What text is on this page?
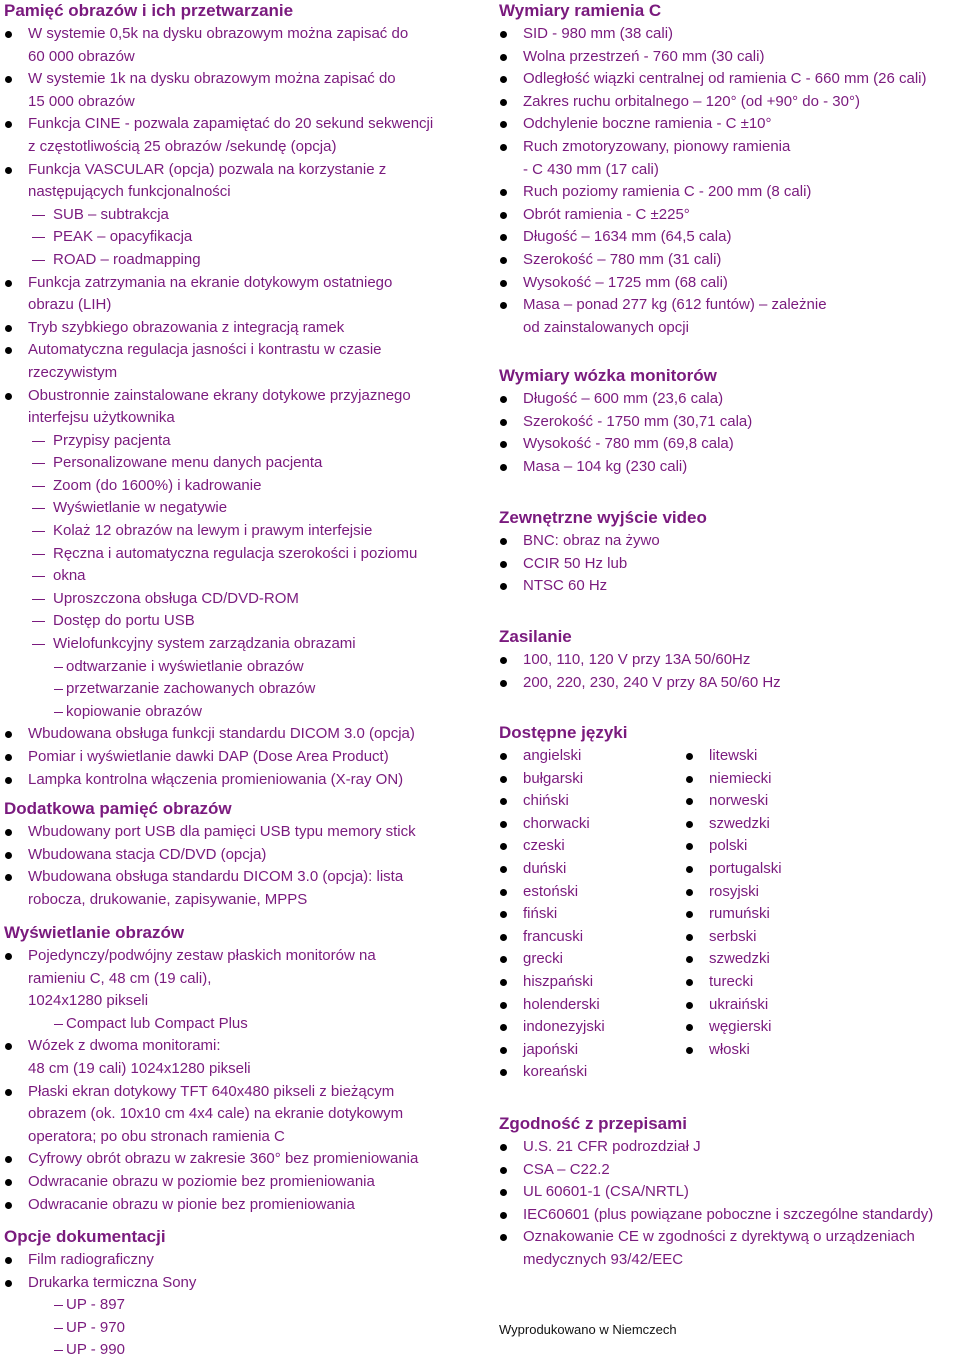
Pamięć obrazów i ich przetwarzanie
W systemie 0,5k na dysku obrazowym można zapisać do
60 000 obrazów
W systemie 1k na dysku obrazowym można zapisać do
15 000 obrazów
Funkcja CINE - pozwala zapamiętać do 20 sekund sekwencji
z częstotliwością 25 obrazów /sekundę (opcja)
Funkcja VASCULAR (opcja) pozwala na korzystanie z
następujących funkcjonalności
SUB – subtrakcja
PEAK – opacyfikacja
ROAD – roadmapping
Funkcja zatrzymania na ekranie dotykowym ostatniego
obrazu (LIH)
Tryb szybkiego obrazowania z integracją ramek
Automatyczna regulacja jasności i kontrastu w czasie
rzeczywistym
Obustronnie zainstalowane ekrany dotykowe przyjaznego
interfejsu użytkownika
Przypisy pacjenta
Personalizowane menu danych pacjenta
Zoom (do 1600%) i kadrowanie
Wyświetlanie w negatywie
Kolaż 12 obrazów na lewym i prawym interfejsie
Ręczna i automatyczna regulacja szerokości i poziomu
okna
Uproszczona obsługa CD/DVD-ROM
Dostęp do portu USB
Wielofunkcyjny system zarządzania obrazami
odtwarzanie i wyświetlanie obrazów
przetwarzanie zachowanych obrazów
kopiowanie obrazów
Wbudowana obsługa funkcji standardu DICOM 3.0 (opcja)
Pomiar i wyświetlanie dawki DAP (Dose Area Product)
Lampka kontrolna włączenia promieniowania (X-ray ON)
Dodatkowa pamięć obrazów
Wbudowany port USB dla pamięci USB typu memory stick
Wbudowana stacja CD/DVD (opcja)
Wbudowana obsługa standardu DICOM 3.0 (opcja): lista
robocza, drukowanie, zapisywanie, MPPS
Wyświetlanie obrazów
Pojedynczy/podwójny zestaw płaskich monitorów na
ramieniu C, 48 cm (19 cali),
1024x1280 pikseli
Compact lub Compact Plus
Wózek z dwoma monitorami:
48 cm (19 cali) 1024x1280 pikseli
Płaski ekran dotykowy TFT 640x480 pikseli z bieżącym
obrazem (ok. 10x10 cm 4x4 cale) na ekranie dotykowym
operatora; po obu stronach ramienia C
Cyfrowy obrót obrazu w zakresie 360° bez promieniowania
Odwracanie obrazu w poziomie bez promieniowania
Odwracanie obrazu w pionie bez promieniowania
Opcje dokumentacji
Film radiograficzny
Drukarka termiczna Sony
UP - 897
UP - 970
UP - 990
Wymiary ramienia C
SID - 980 mm (38 cali)
Wolna przestrzeń - 760 mm (30 cali)
Odległość wiązki centralnej od ramienia C - 660 mm (26 cali)
Zakres ruchu orbitalnego – 120° (od +90° do - 30°)
Odchylenie boczne ramienia - C ±10°
Ruch zmotoryzowany, pionowy ramienia
- C 430 mm (17 cali)
Ruch poziomy ramienia C - 200 mm (8 cali)
Obrót ramienia - C ±225°
Długość – 1634 mm (64,5 cala)
Szerokość – 780 mm (31 cali)
Wysokość – 1725 mm (68 cali)
Masa – ponad 277 kg (612 funtów) – zależnie
od zainstalowanych opcji
Wymiary wózka monitorów
Długość – 600 mm (23,6 cala)
Szerokość - 1750 mm (30,71 cala)
Wysokość - 780 mm (69,8 cala)
Masa – 104 kg (230 cali)
Zewnętrzne wyjście video
BNC: obraz na żywo
CCIR 50 Hz lub
NTSC 60 Hz
Zasilanie
100, 110, 120 V przy 13A 50/60Hz
200, 220, 230, 240 V przy 8A 50/60 Hz
Dostępne języki
angielski
bułgarski
chiński
chorwacki
czeski
duński
estoński
fiński
francuski
grecki
hiszpański
holenderski
indonezyjski
japoński
koreański
litewski
niemiecki
norweski
szwedzki
polski
portugalski
rosyjski
rumuński
serbski
szwedzki
turecki
ukraiński
węgierski
włoski
Zgodność z przepisami
U.S. 21 CFR podrozdział J
CSA – C22.2
UL 60601-1 (CSA/NRTL)
IEC60601 (plus powiązane poboczne i szczególne standardy)
Oznakowanie CE w zgodności z dyrektywą o urządzeniach
medycznych 93/42/EEC
Wyprodukowano w Niemczech
